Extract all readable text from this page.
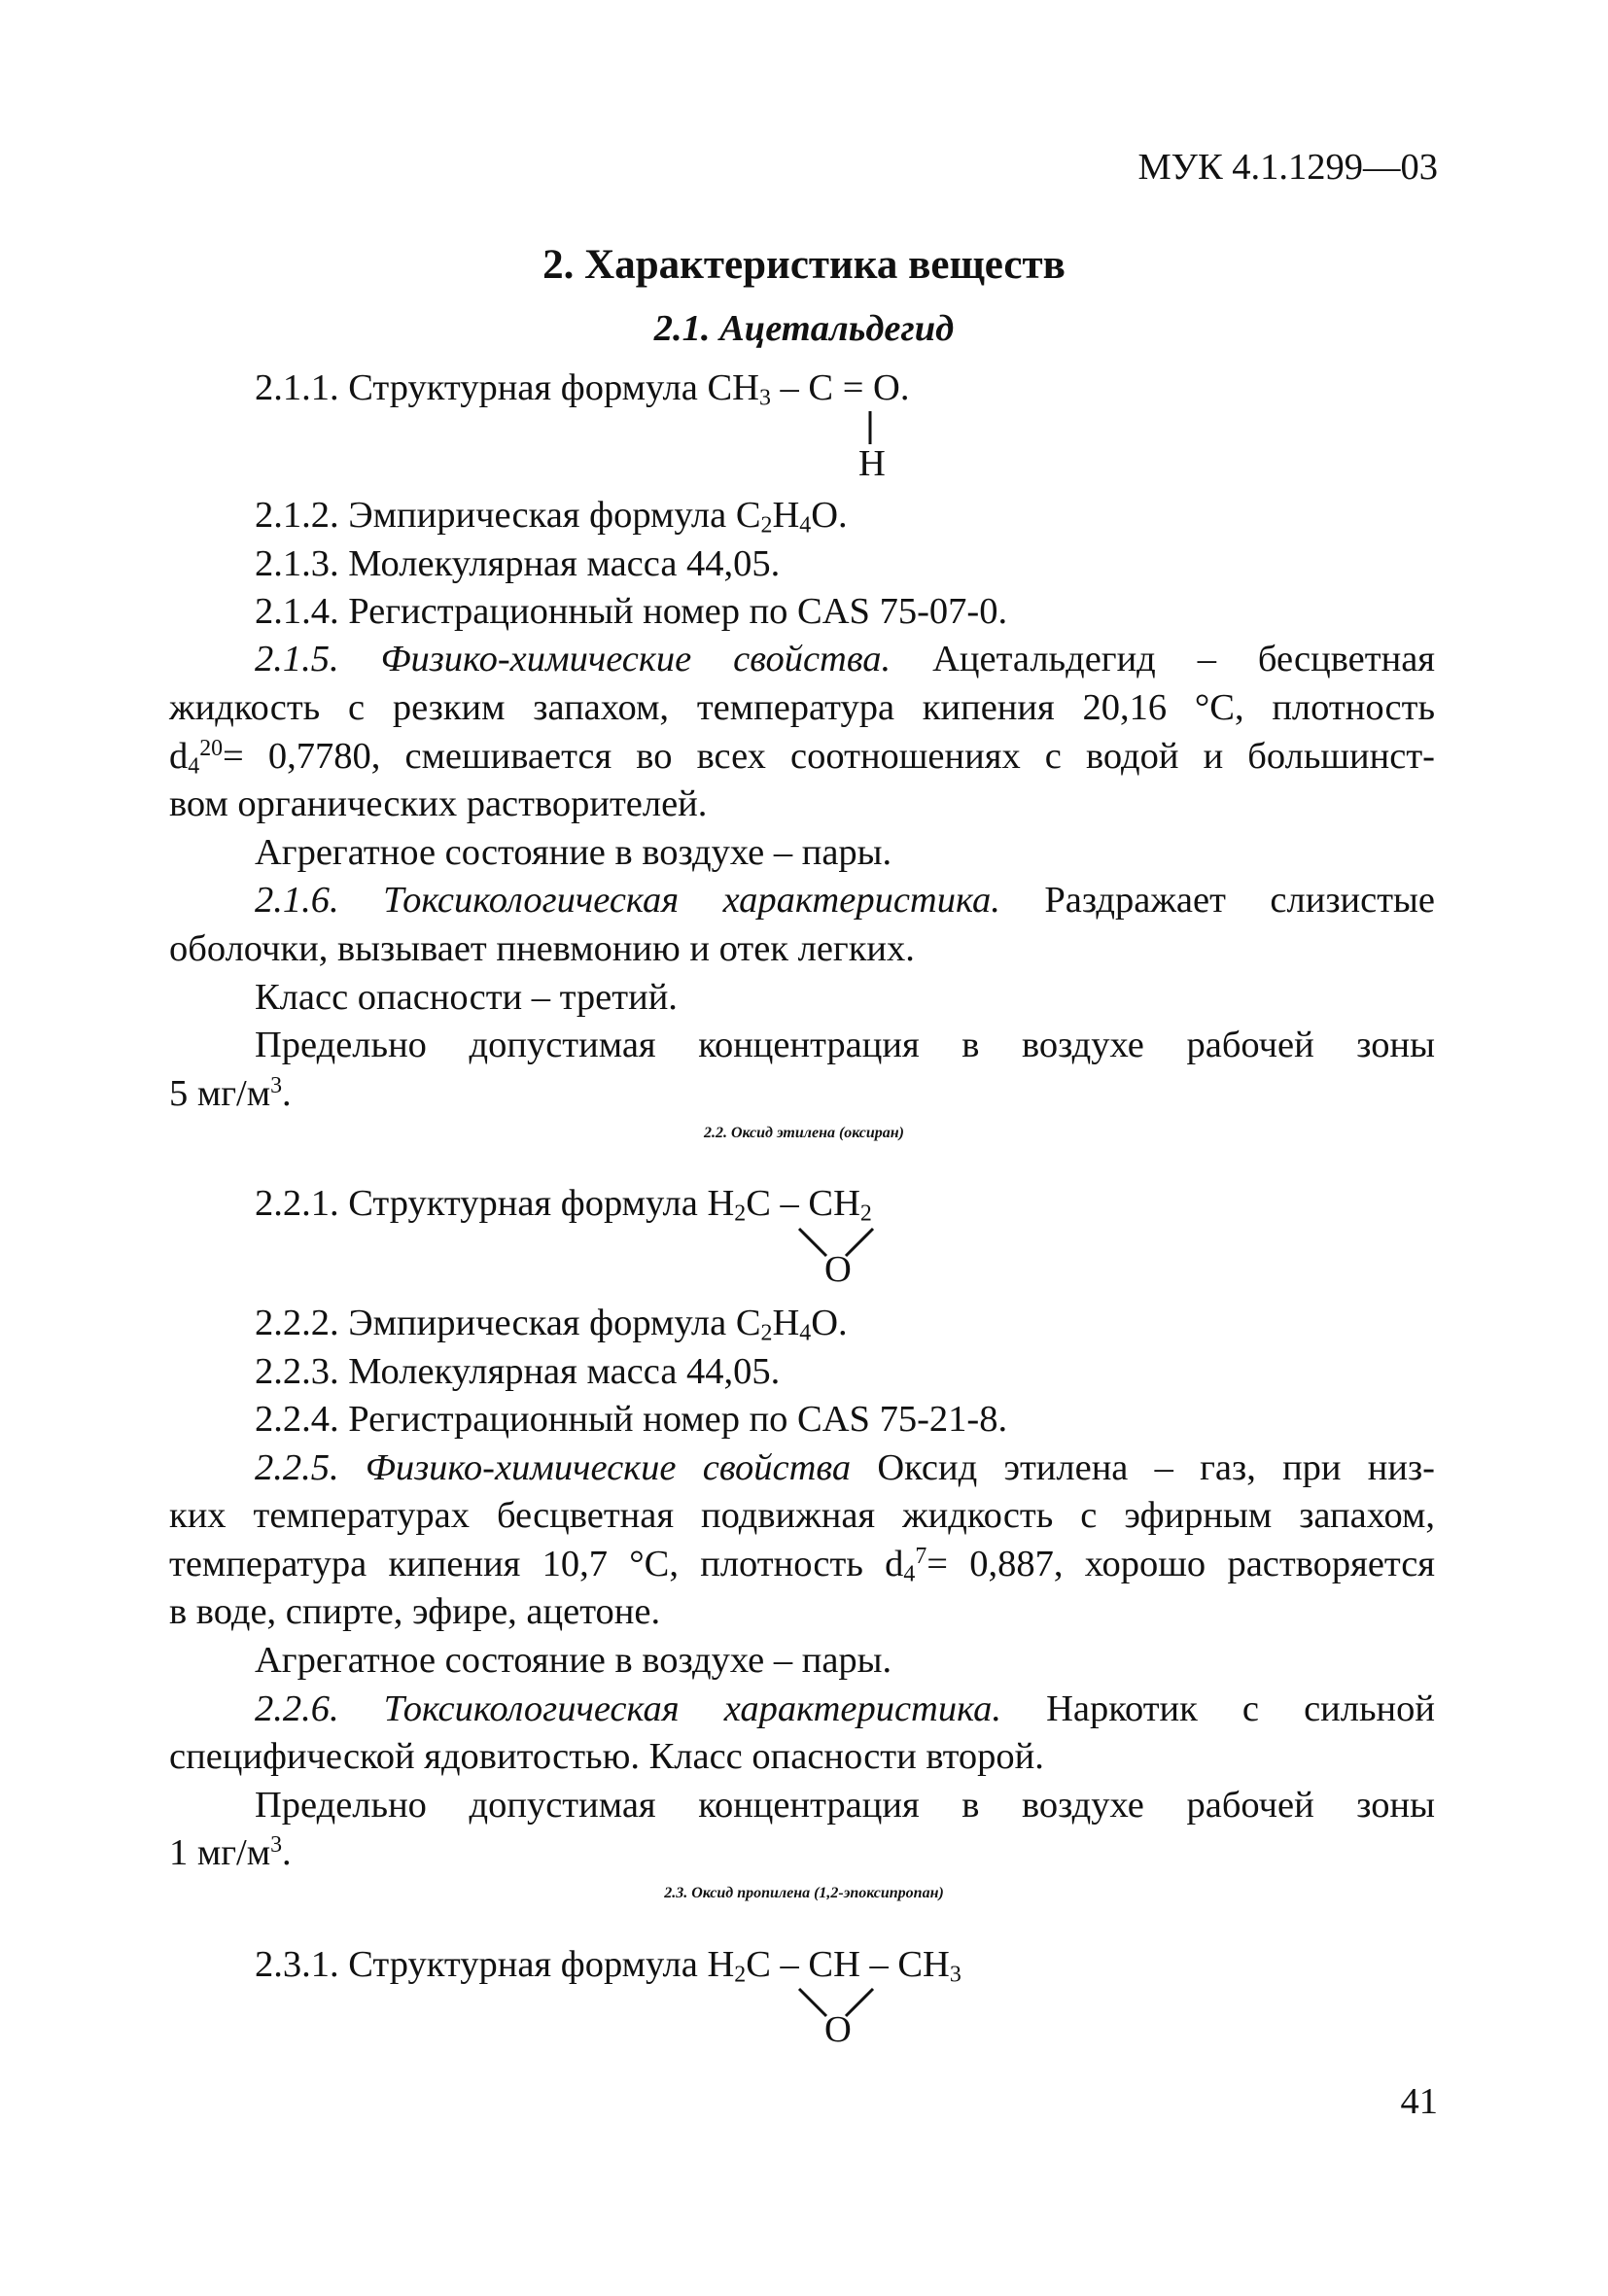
МУК 4.1.1299—03
2. Характеристика веществ
2.1. Ацетальдегид
2.1.1. Структурная формула $CH_3 - C = O$.
H
2.1.2. Эмпирическая формула $C_2H_4O$.
2.1.3. Молекулярная масса 44,05.
2.1.4. Регистрационный номер по CAS 75-07-0.
2.1.5. Физико-химические свойства. Ацетальдегид – бесцветная
жидкость с резким запахом, температура кипения 20,16 °C, плотность
$d_4^{20}= 0,7780$, смешивается во всех соотношениях с водой и большинст-
вом органических растворителей.
Агрегатное состояние в воздухе – пары.
2.1.6. Токсикологическая характеристика. Раздражает слизистые
оболочки, вызывает пневмонию и отек легких.
Класс опасности – третий.
Предельно допустимая концентрация в воздухе рабочей зоны
5 $мг/м^3$.
2.2. Оксид этилена (оксиран)
2.2.1. Структурная формула $H_2C - CH_2$
O
2.2.2. Эмпирическая формула $C_2H_4O$.
2.2.3. Молекулярная масса 44,05.
2.2.4. Регистрационный номер по CAS 75-21-8.
2.2.5. Физико-химические свойства Оксид этилена – газ, при низ-
ких температурах бесцветная подвижная жидкость с эфирным запахом,
температура кипения 10,7 °C, плотность $d_4^7= 0,887$, хорошо растворяется
в воде, спирте, эфире, ацетоне.
Агрегатное состояние в воздухе – пары.
2.2.6. Токсикологическая характеристика. Наркотик с сильной
специфической ядовитостью. Класс опасности второй.
Предельно допустимая концентрация в воздухе рабочей зоны
1 $мг/м^3$.
2.3. Оксид пропилена (1,2-эпоксипропан)
2.3.1. Структурная формула $H_2C$ – CH – $CH_3$
O
41
